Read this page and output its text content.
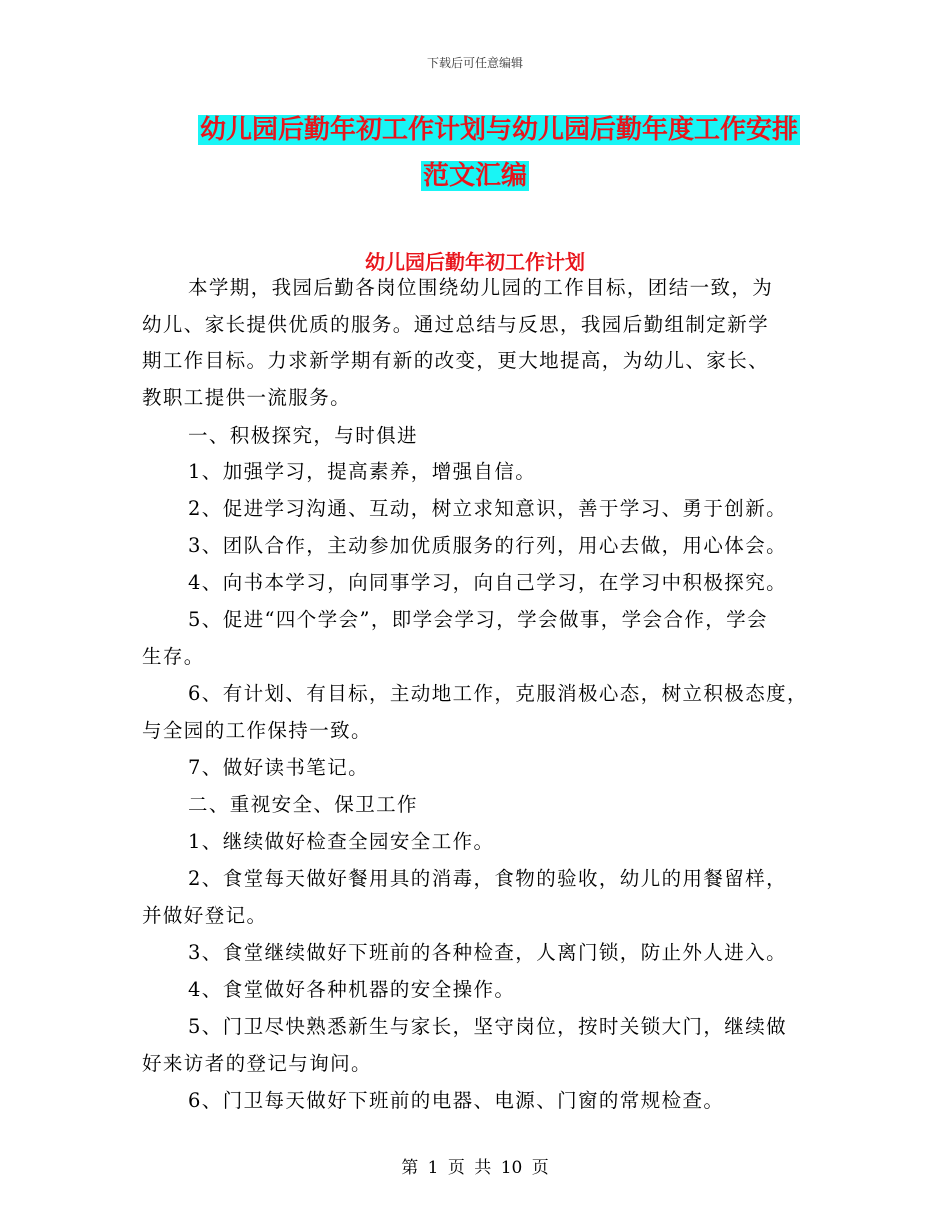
下载后可任意编辑
幼儿园后勤年初工作计划与幼儿园后勤年度工作安排
范文汇编
幼儿园后勤年初工作计划
本学期，我园后勤各岗位围绕幼儿园的工作目标，团结一致，为
幼儿、家长提供优质的服务。通过总结与反思，我园后勤组制定新学
期工作目标。力求新学期有新的改变，更大地提高，为幼儿、家长、
教职工提供一流服务。
一、积极探究，与时俱进
1、加强学习，提高素养，增强自信。
2、促进学习沟通、互动，树立求知意识，善于学习、勇于创新。
3、团队合作，主动参加优质服务的行列，用心去做，用心体会。
4、向书本学习，向同事学习，向自己学习，在学习中积极探究。
5、促进“四个学会”，即学会学习，学会做事，学会合作，学会
生存。
6、有计划、有目标，主动地工作，克服消极心态，树立积极态度，
与全园的工作保持一致。
7、做好读书笔记。
二、重视安全、保卫工作
1、继续做好检查全园安全工作。
2、食堂每天做好餐用具的消毒，食物的验收，幼儿的用餐留样，
并做好登记。
3、食堂继续做好下班前的各种检查，人离门锁，防止外人进入。
4、食堂做好各种机器的安全操作。
5、门卫尽快熟悉新生与家长，坚守岗位，按时关锁大门，继续做
好来访者的登记与询问。
6、门卫每天做好下班前的电器、电源、门窗的常规检查。
第 1 页 共 10 页
